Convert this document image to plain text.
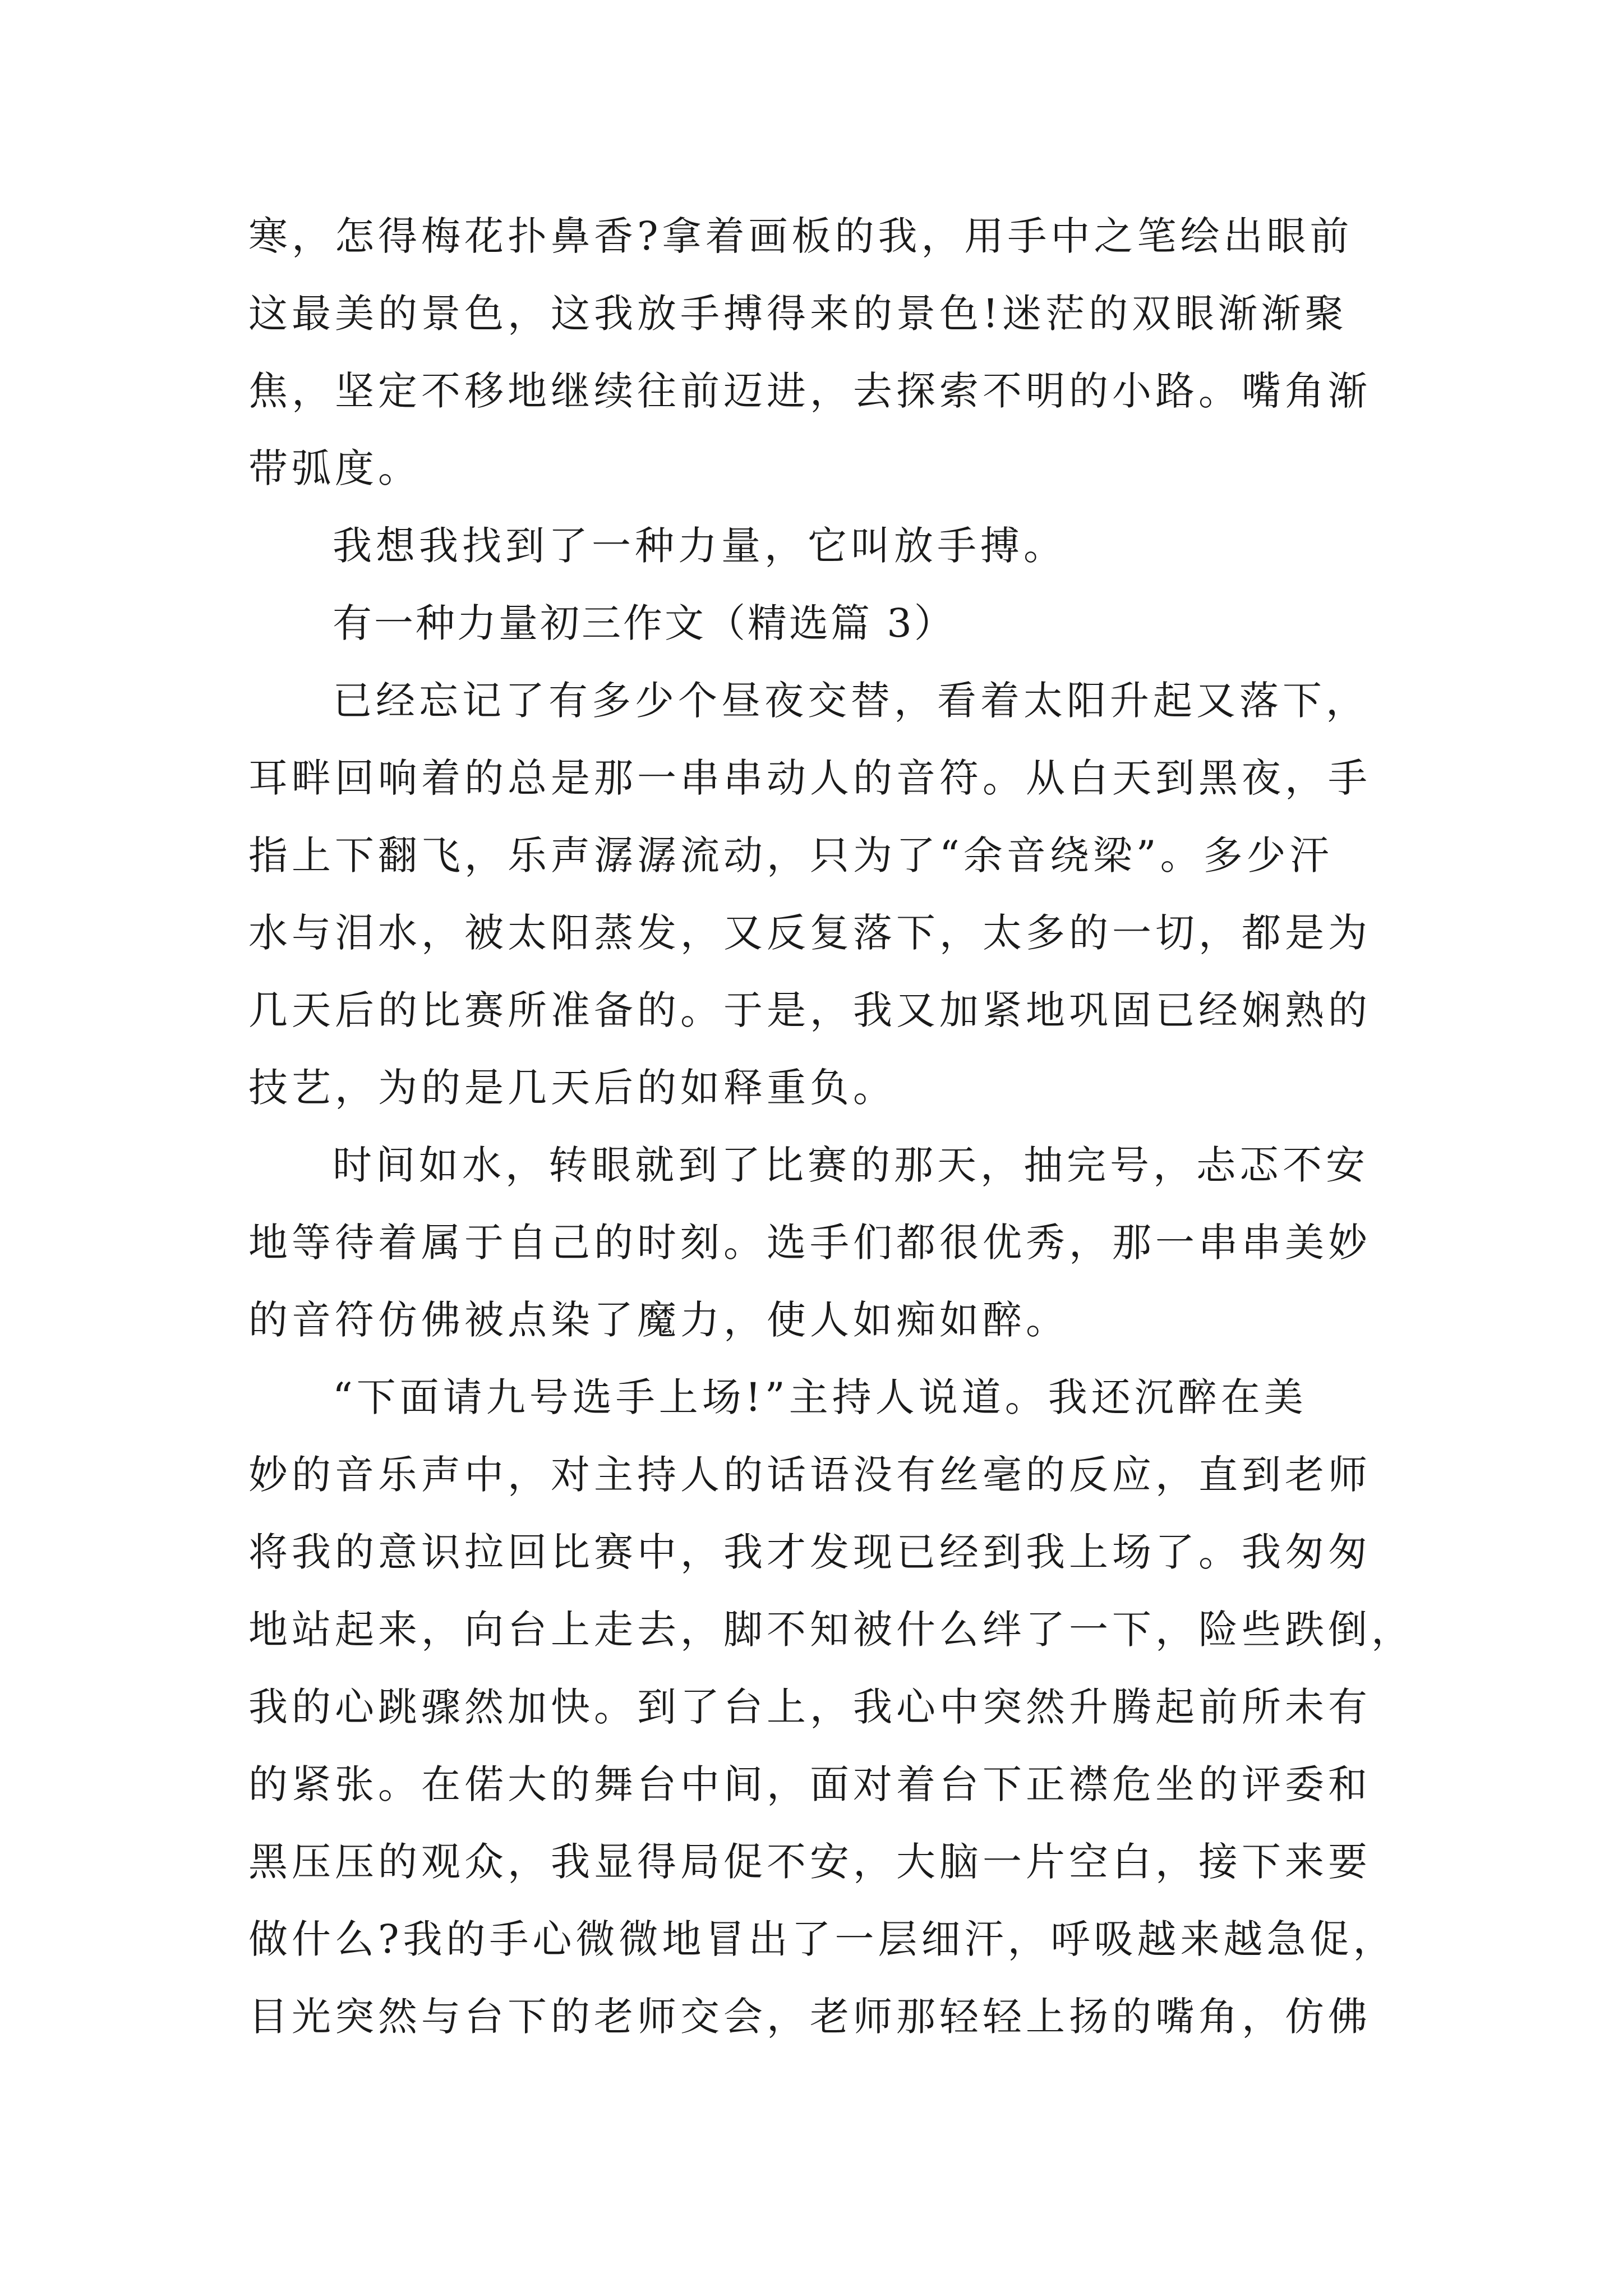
寒，怎得梅花扑鼻香?拿着画板的我，用手中之笔绘出眼前
这最美的景色，这我放手搏得来的景色!迷茫的双眼渐渐聚
焦，坚定不移地继续往前迈进，去探索不明的小路。嘴角渐
带弧度。
我想我找到了一种力量，它叫放手搏。
有一种力量初三作文（精选篇 3）
已经忘记了有多少个昼夜交替，看着太阳升起又落下，
耳畔回响着的总是那一串串动人的音符。从白天到黑夜，手
指上下翻飞，乐声潺潺流动，只为了“余音绕梁”。多少汗
水与泪水，被太阳蒸发，又反复落下，太多的一切，都是为
几天后的比赛所准备的。于是，我又加紧地巩固已经娴熟的
技艺，为的是几天后的如释重负。
时间如水，转眼就到了比赛的那天，抽完号，忐忑不安
地等待着属于自己的时刻。选手们都很优秀，那一串串美妙
的音符仿佛被点染了魔力，使人如痴如醉。
“下面请九号选手上场!”主持人说道。我还沉醉在美
妙的音乐声中，对主持人的话语没有丝毫的反应，直到老师
将我的意识拉回比赛中，我才发现已经到我上场了。我匆匆
地站起来，向台上走去，脚不知被什么绊了一下，险些跌倒，
我的心跳骤然加快。到了台上，我心中突然升腾起前所未有
的紧张。在偌大的舞台中间，面对着台下正襟危坐的评委和
黑压压的观众，我显得局促不安，大脑一片空白，接下来要
做什么?我的手心微微地冒出了一层细汗，呼吸越来越急促，
目光突然与台下的老师交会，老师那轻轻上扬的嘴角，仿佛
